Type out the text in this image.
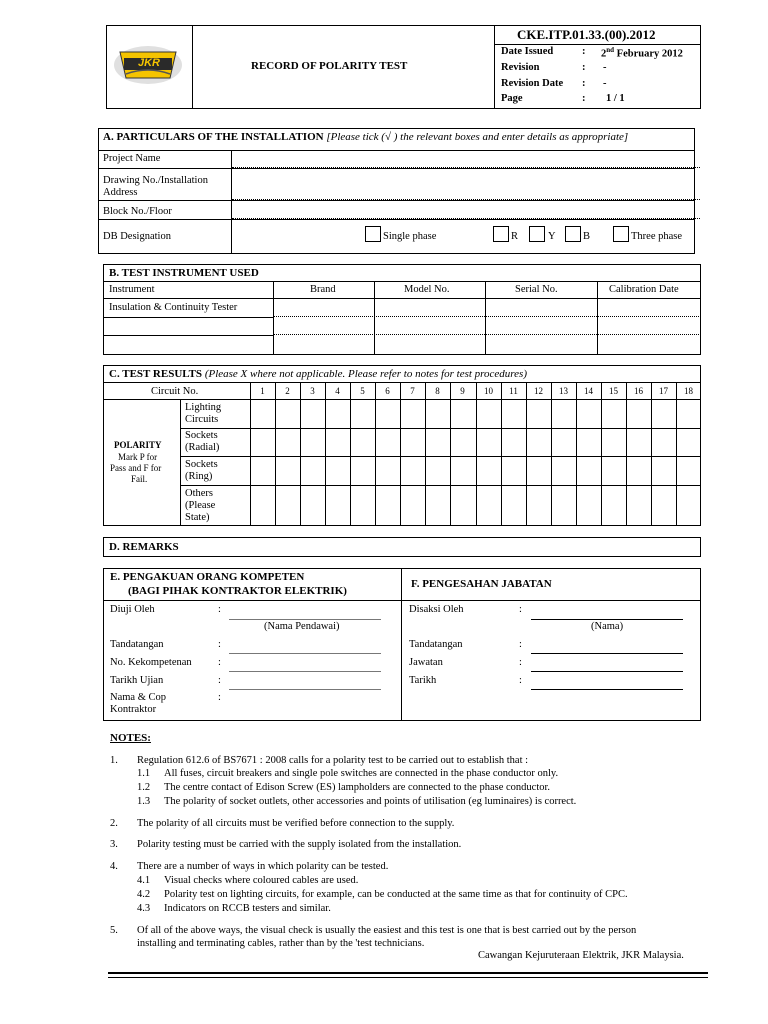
JKR	RECORD OF POLARITY TEST
CKE.ITP.01.33.(00).2012
Date Issued	: 2nd February 2012
Revision	: -
Revision Date : -
Page	: 1 / 1
A. PARTICULARS OF THE INSTALLATION [Please tick (√ ) the relevant boxes and enter details as appropriate]
Project Name
Drawing No./Installation
Address
Block No./Floor
DB Designation	Single phase	R	Y	B	Three phase
B. TEST INSTRUMENT USED
Instrument	Brand	Model No.	Serial No.	Calibration Date
Insulation & Continuity Tester
C. TEST RESULTS (Please X where not applicable. Please refer to notes for test procedures)
Circuit No.	1	2	3	4	5	6	7	8	9	10	11	12	13	14	15	16	17	18
POLARITY
Mark P for
Pass and F for
Fail.
Lighting
Circuits
Sockets
(Radial)
Sockets
(Ring)
Others
(Please
State)
D. REMARKS
E. PENGAKUAN ORANG KOMPETEN
(BAGI PIHAK KONTRAKTOR ELEKTRIK)
F. PENGESAHAN JABATAN
Diuji Oleh	:
(Nama Pendawai)
Tandatangan	:
No. Kekompetenan	:
Tarikh Ujian	:
Nama & Cop
Kontraktor
:
Disaksi Oleh	:
(Nama)
Tandatangan	:
Jawatan	:
Tarikh	:
NOTES:
1. Regulation 612.6 of BS7671 : 2008 calls for a polarity test to be carried out to establish that :
1.1 All fuses, circuit breakers and single pole switches are connected in the phase conductor only.
1.2 The centre contact of Edison Screw (ES) lampholders are connected to the phase conductor.
1.3 The polarity of socket outlets, other accessories and points of utilisation (eg luminaires) is correct.
2. The polarity of all circuits must be verified before connection to the supply.
3. Polarity testing must be carried with the supply isolated from the installation.
4. There are a number of ways in which polarity can be tested.
4.1 Visual checks where coloured cables are used.
4.2 Polarity test on lighting circuits, for example, can be conducted at the same time as that for continuity of CPC.
4.3 Indicators on RCCB testers and similar.
5. Of all of the above ways, the visual check is usually the easiest and this test is one that is best carried out by the person
installing and terminating cables, rather than by the 'test technicians.
Cawangan Kejuruteraan Elektrik, JKR Malaysia.
